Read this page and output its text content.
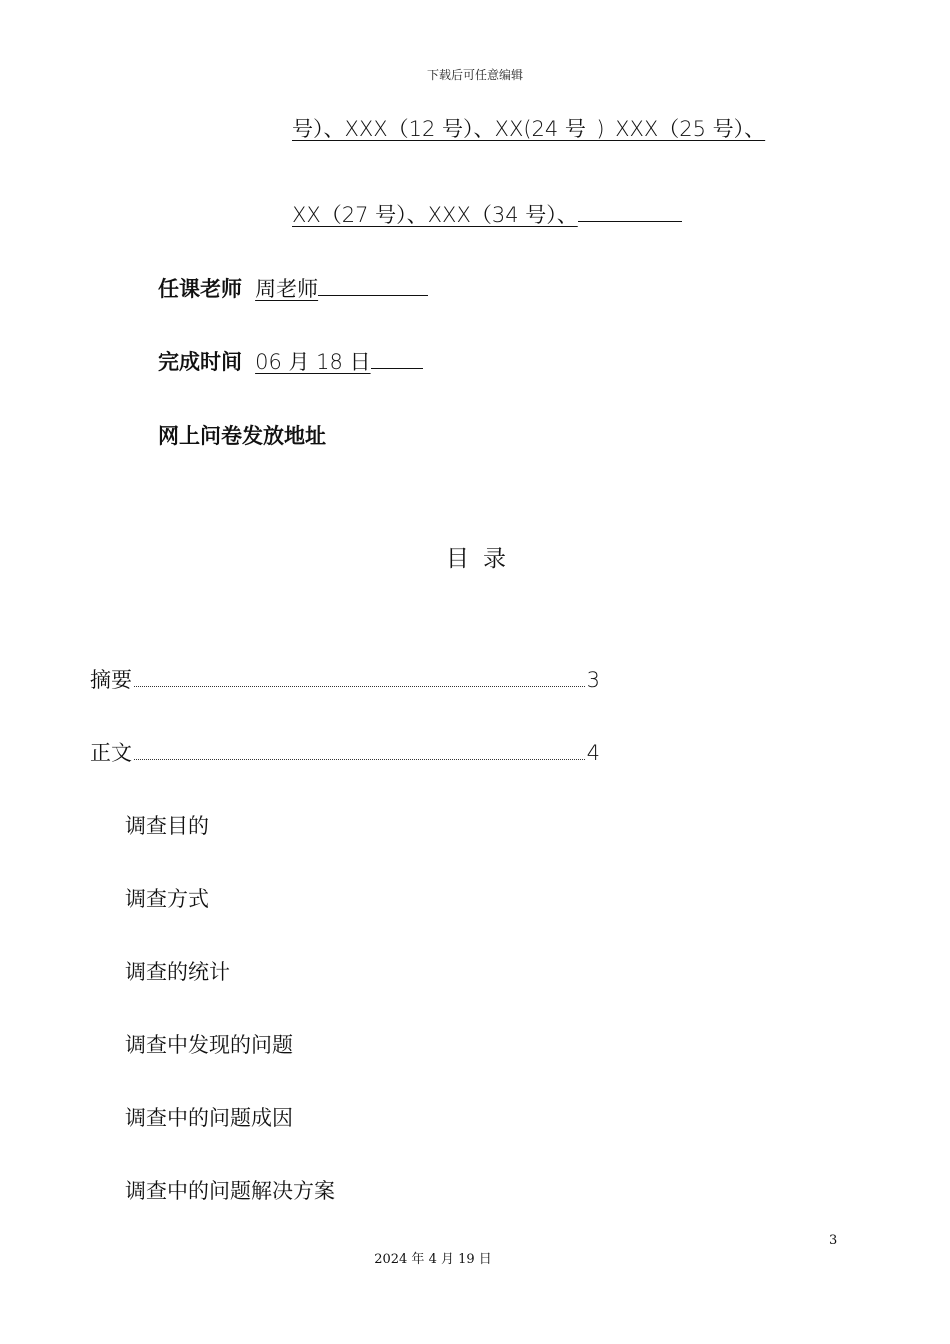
下载后可任意编辑
号）、XXX（12 号）、XX(24 号_)_XXX（25 号）、
XX（27 号）、XXX（34 号）、
任课老师 周老师
完成时间 06 月 18 日
网上问卷发放地址
目录
摘要	3
正文	4
调查目的
调查方式
调查的统计
调查中发现的问题
调查中的问题成因
调查中的问题解决方案
3
2024 年 4 月 19 日
